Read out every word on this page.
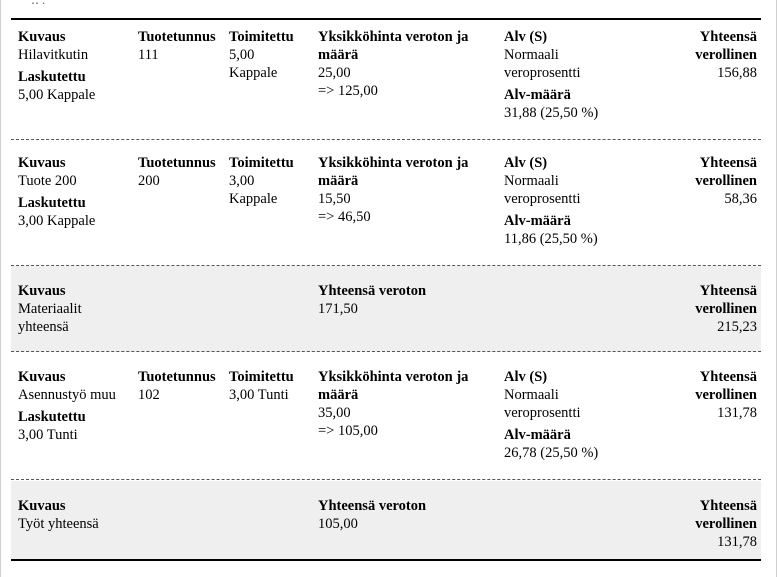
‥ .
Kuvaus
Hilavitkutin
Laskutettu
5,00 Kappale
Tuotetunnus
111
Toimitettu
5,00
Kappale
Yksikköhinta veroton ja
määrä
25,00
=> 125,00
Alv (S)
Normaali
veroprosentti
Alv-määrä
31,88 (25,50 %)
Yhteensä
verollinen
156,88
Kuvaus
Tuote 200
Laskutettu
3,00 Kappale
Tuotetunnus
200
Toimitettu
3,00
Kappale
Yksikköhinta veroton ja
määrä
15,50
=> 46,50
Alv (S)
Normaali
veroprosentti
Alv-määrä
11,86 (25,50 %)
Yhteensä
verollinen
58,36
Kuvaus
Materiaalit
yhteensä
Yhteensä veroton
171,50
Yhteensä
verollinen
215,23
Kuvaus
Asennustyö muu
Laskutettu
3,00 Tunti
Tuotetunnus
102
Toimitettu
3,00 Tunti
Yksikköhinta veroton ja
määrä
35,00
=> 105,00
Alv (S)
Normaali
veroprosentti
Alv-määrä
26,78 (25,50 %)
Yhteensä
verollinen
131,78
Kuvaus
Työt yhteensä
Yhteensä veroton
105,00
Yhteensä
verollinen
131,78
